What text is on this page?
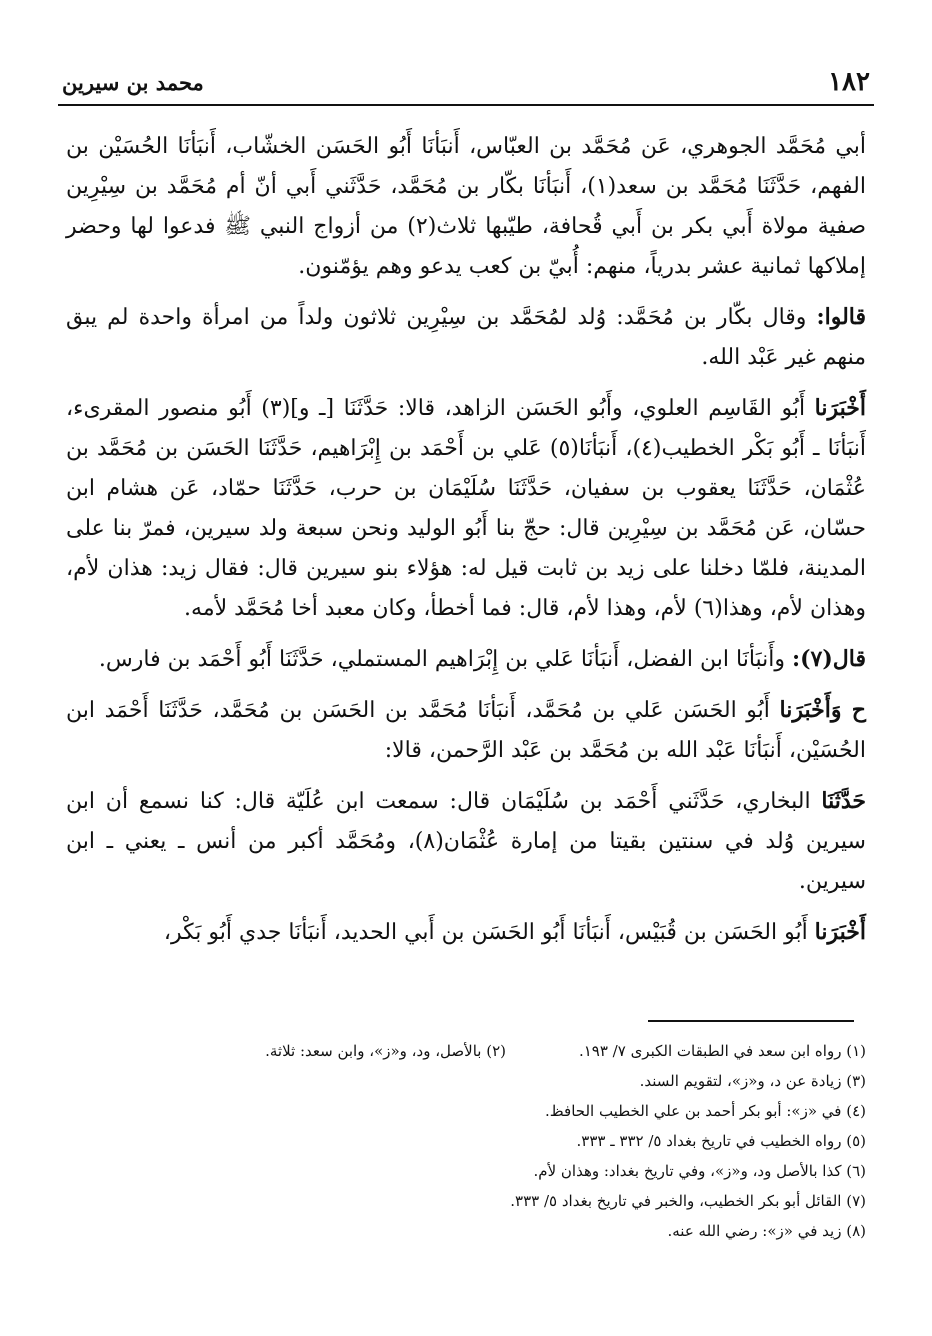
١٨٢
محمد بن سيرين

أبي مُحَمَّد الجوهري، عَن مُحَمَّد بن العبّاس، أَنبَأنَا أَبُو الحَسَن الخشّاب، أَنبَأنَا الحُسَيْن بن الفهم، حَدَّثَنَا مُحَمَّد بن سعد(١)، أَنبَأنَا بكّار بن مُحَمَّد، حَدَّثَني أَبي أنّ أم مُحَمَّد بن سِيْرِين صفية مولاة أَبي بكر بن أَبي قُحافة، طيّبها ثلاث(٢) من أزواج النبي ﷺ فدعوا لها وحضر إملاكها ثمانية عشر بدرياً، منهم: أُبيّ بن كعب يدعو وهم يؤمّنون.

قالوا: وقال بكّار بن مُحَمَّد: وُلد لمُحَمَّد بن سِيْرِين ثلاثون ولداً من امرأة واحدة لم يبق منهم غير عَبْد الله.

أَخْبَرَنا أَبُو القَاسِم العلوي، وأَبُو الحَسَن الزاهد، قالا: حَدَّثَنَا [ـ و](٣) أَبُو منصور المقرىء، أَنبَأنَا ـ أَبُو بَكْر الخطيب(٤)، أَنبَأنَا(٥) عَلي بن أَحْمَد بن إِبْرَاهيم، حَدَّثَنَا الحَسَن بن مُحَمَّد بن عُثْمَان، حَدَّثَنَا يعقوب بن سفيان، حَدَّثَنَا سُلَيْمَان بن حرب، حَدَّثَنَا حمّاد، عَن هشام ابن حسّان، عَن مُحَمَّد بن سِيْرِين قال: حجّ بنا أَبُو الوليد ونحن سبعة ولد سيرين، فمرّ بنا على المدينة، فلمّا دخلنا على زيد بن ثابت قيل له: هؤلاء بنو سيرين قال: فقال زيد: هذان لأم، وهذان لأم، وهذا(٦) لأم، وهذا لأم، قال: فما أخطأ، وكان معبد أخا مُحَمَّد لأمه.

قال(٧): وأَنبَأنَا ابن الفضل، أَنبَأنَا عَلي بن إِبْرَاهيم المستملي، حَدَّثَنَا أَبُو أَحْمَد بن فارس.

ح وَأَخْبَرَنا أَبُو الحَسَن عَلي بن مُحَمَّد، أَنبَأنَا مُحَمَّد بن الحَسَن بن مُحَمَّد، حَدَّثَنَا أَحْمَد ابن الحُسَيْن، أَنبَأنَا عَبْد الله بن مُحَمَّد بن عَبْد الرَّحمن، قالا:

حَدَّثَنَا البخاري، حَدَّثَني أَحْمَد بن سُلَيْمَان قال: سمعت ابن عُلَيّة قال: كنا نسمع أن ابن سيرين وُلد في سنتين بقيتا من إمارة عُثْمَان(٨)، ومُحَمَّد أكبر من أنس ـ يعني ـ ابن سيرين.

أَخْبَرَنا أَبُو الحَسَن بن قُبَيْس، أَنبَأنَا أَبُو الحَسَن بن أَبي الحديد، أَنبَأنَا جدي أَبُو بَكْر،

(١) رواه ابن سعد في الطبقات الكبرى ٧/ ١٩٣.
(٢) بالأصل، ود، و«ز»، وابن سعد: ثلاثة.
(٣) زيادة عن د، و«ز»، لتقويم السند.
(٤) في «ز»: أبو بكر أحمد بن علي الخطيب الحافظ.
(٥) رواه الخطيب في تاريخ بغداد ٥/ ٣٣٢ ـ ٣٣٣.
(٦) كذا بالأصل ود، و«ز»، وفي تاريخ بغداد: وهذان لأم.
(٧) القائل أبو بكر الخطيب، والخبر في تاريخ بغداد ٥/ ٣٣٣.
(٨) زيد في «ز»: رضي الله عنه.
